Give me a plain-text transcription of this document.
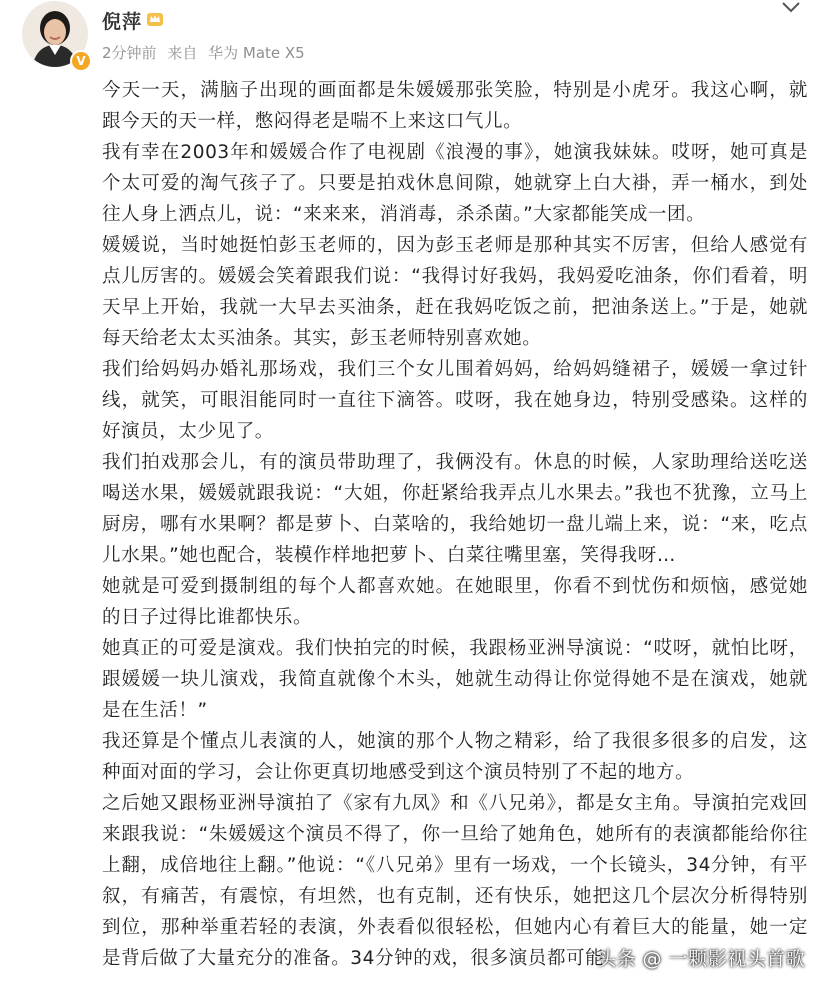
V
倪萍
2分钟前 来自 华为 Mate X5

今天一天，满脑子出现的画面都是朱媛媛那张笑脸，特别是小虎牙。我这心啊，就跟今天的天一样，憋闷得老是喘不上来这口气儿。

我有幸在2003年和媛媛合作了电视剧《浪漫的事》，她演我妹妹。哎呀，她可真是个太可爱的淘气孩子了。只要是拍戏休息间隙，她就穿上白大褂，弄一桶水，到处往人身上洒点儿，说：“来来来，消消毒，杀杀菌。”大家都能笑成一团。

媛媛说，当时她挺怕彭玉老师的，因为彭玉老师是那种其实不厉害，但给人感觉有点儿厉害的。媛媛会笑着跟我们说：“我得讨好我妈，我妈爱吃油条，你们看着，明天早上开始，我就一大早去买油条，赶在我妈吃饭之前，把油条送上。”于是，她就每天给老太太买油条。其实，彭玉老师特别喜欢她。

我们给妈妈办婚礼那场戏，我们三个女儿围着妈妈，给妈妈缝裙子，媛媛一拿过针线，就笑，可眼泪能同时一直往下滴答。哎呀，我在她身边，特别受感染。这样的好演员，太少见了。

我们拍戏那会儿，有的演员带助理了，我俩没有。休息的时候，人家助理给送吃送喝送水果，媛媛就跟我说：“大姐，你赶紧给我弄点儿水果去。”我也不犹豫，立马上厨房，哪有水果啊？都是萝卜、白菜啥的，我给她切一盘儿端上来，说：“来，吃点儿水果。”她也配合，装模作样地把萝卜、白菜往嘴里塞，笑得我呀…

她就是可爱到摄制组的每个人都喜欢她。在她眼里，你看不到忧伤和烦恼，感觉她的日子过得比谁都快乐。

她真正的可爱是演戏。我们快拍完的时候，我跟杨亚洲导演说：“哎呀，就怕比呀，跟媛媛一块儿演戏，我简直就像个木头，她就生动得让你觉得她不是在演戏，她就是在生活！”

我还算是个懂点儿表演的人，她演的那个人物之精彩，给了我很多很多的启发，这种面对面的学习，会让你更真切地感受到这个演员特别了不起的地方。

之后她又跟杨亚洲导演拍了《家有九凤》和《八兄弟》，都是女主角。导演拍完戏回来跟我说：“朱媛媛这个演员不得了，你一旦给了她角色，她所有的表演都能给你往上翻，成倍地往上翻。”他说：“《八兄弟》里有一场戏，一个长镜头，34分钟，有平叙，有痛苦，有震惊，有坦然，也有克制，还有快乐，她把这几个层次分析得特别到位，那种举重若轻的表演，外表看似很轻松，但她内心有着巨大的能量，她一定是背后做了大量充分的准备。34分钟的戏，很多演员都可能

头条 @ 一颗影视头首歌
